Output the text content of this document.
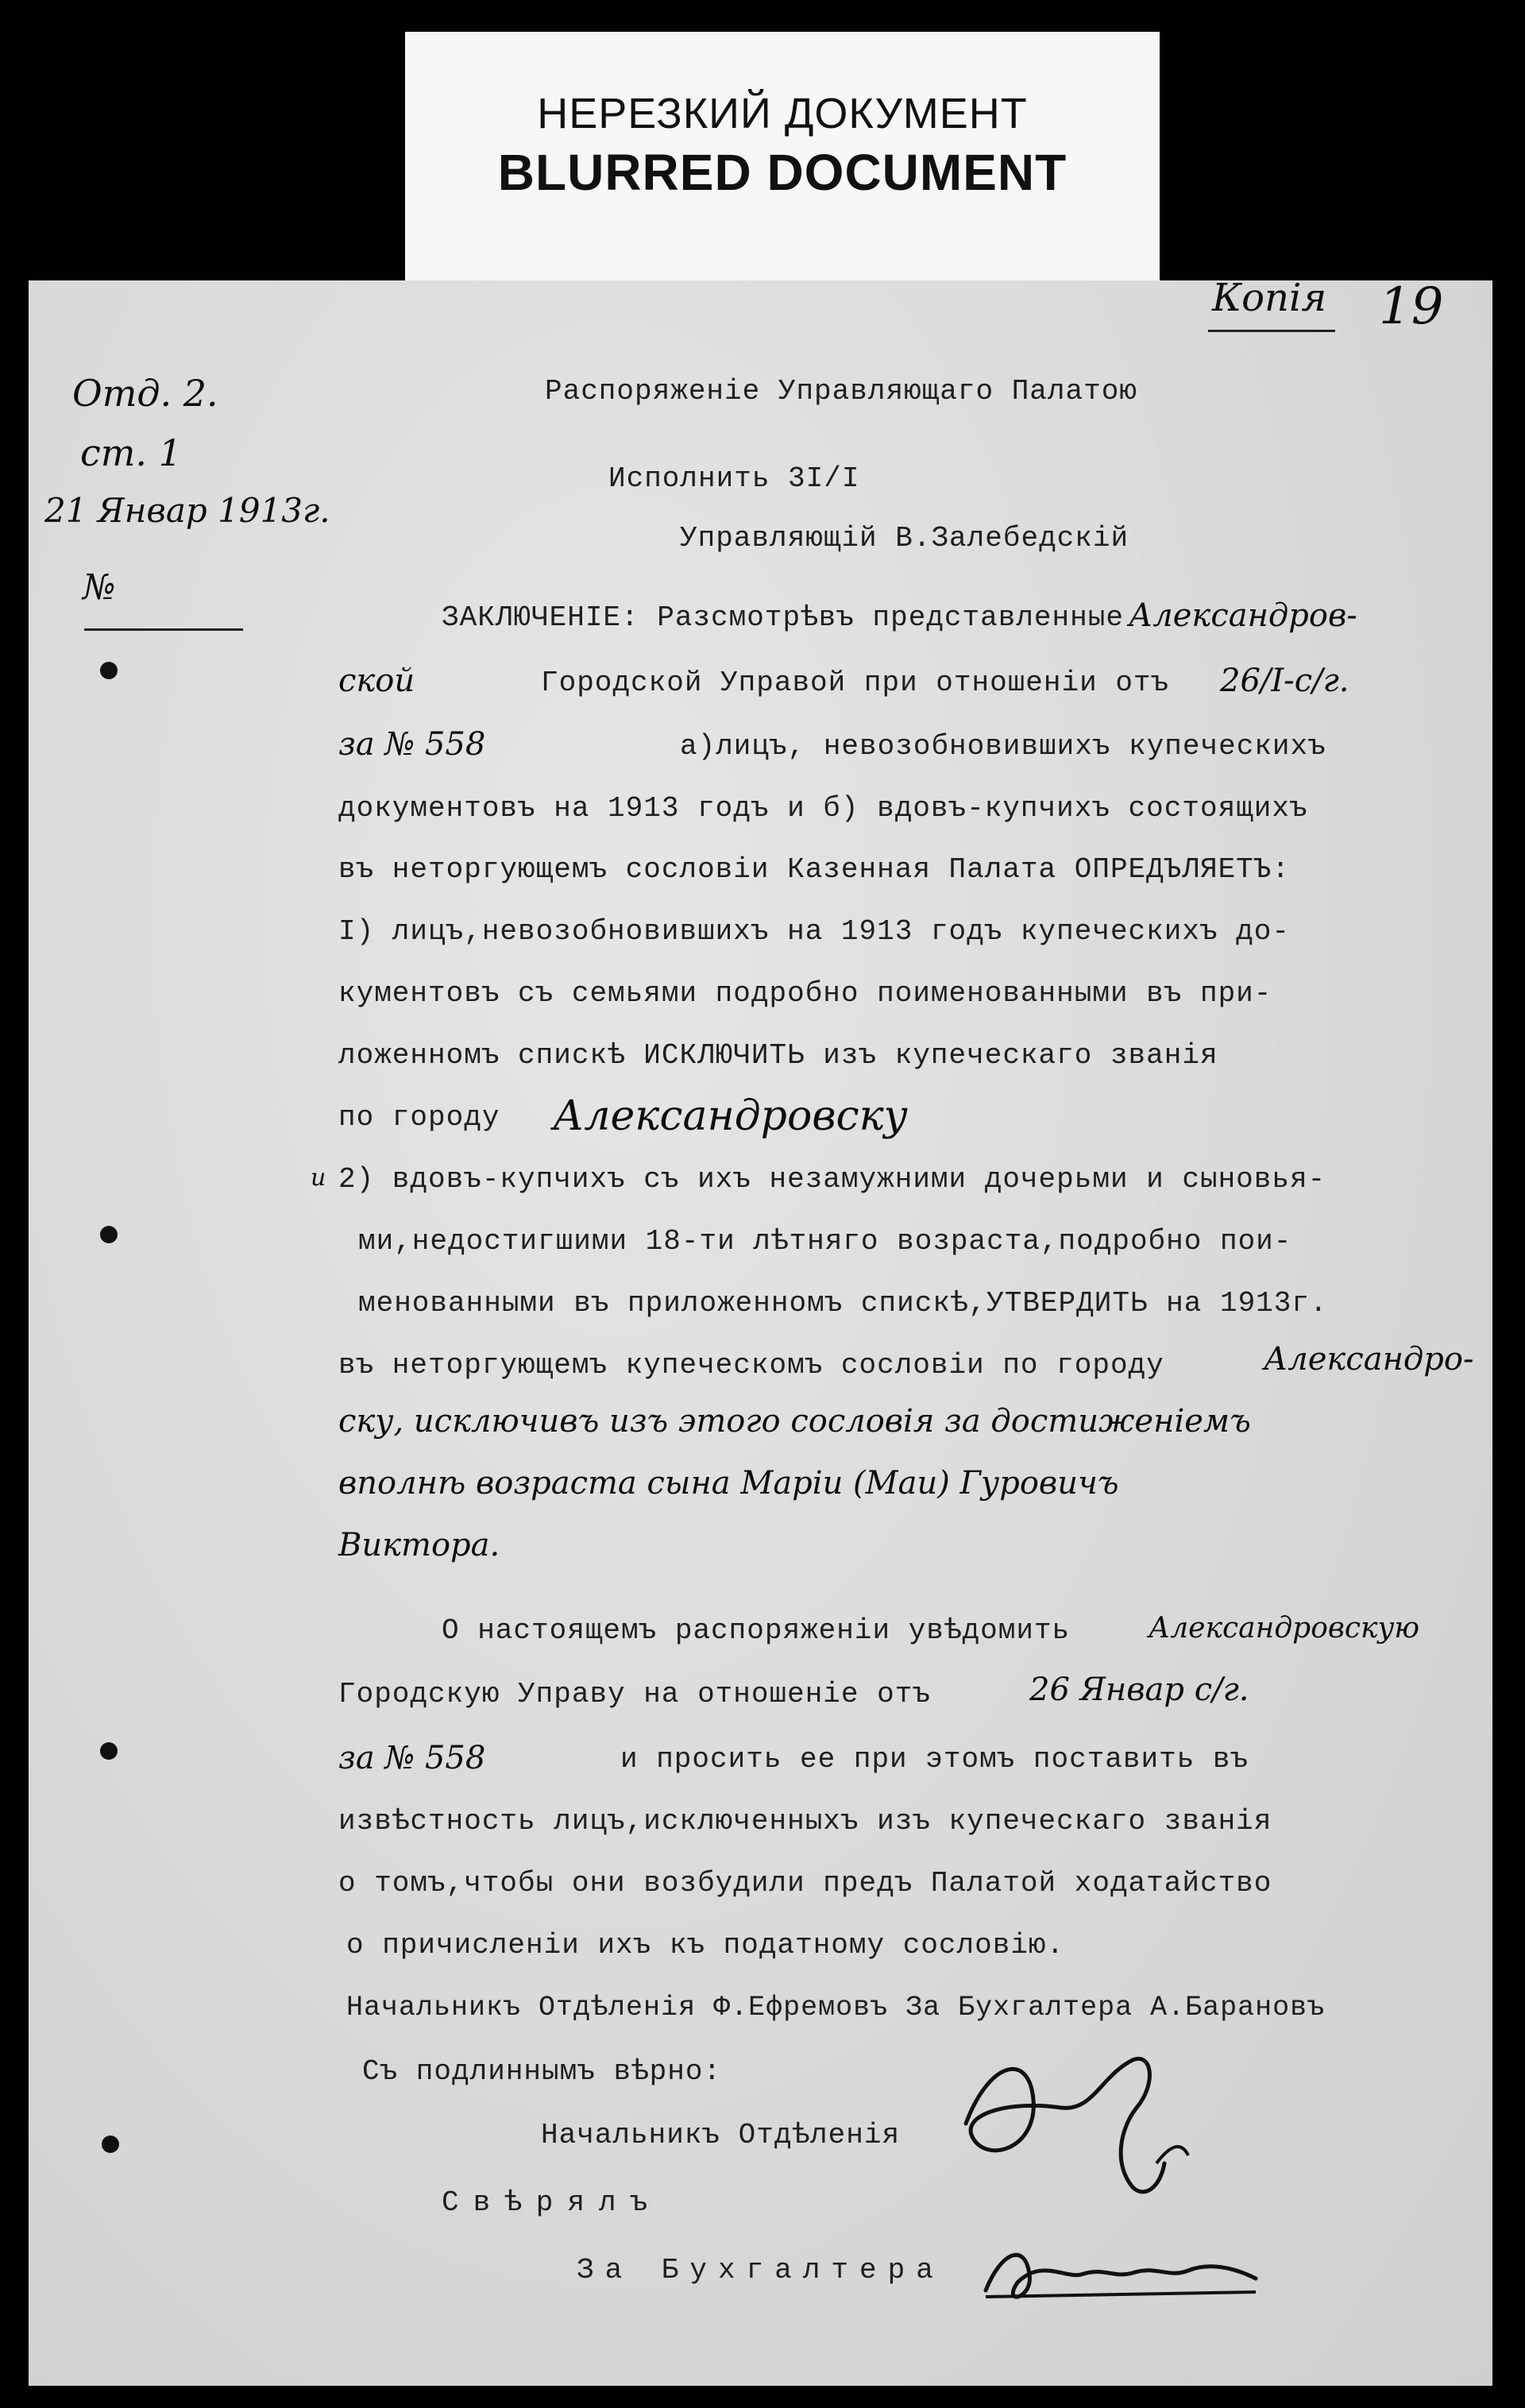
НЕРЕЗКИЙ ДОКУМЕНТ
BLURRED DOCUMENT
Копія 19
Отд. 2.
ст. 1
21 Январ 1913г.
№
Распоряженіе Управляющаго Палатою
Исполнить 3I/I
Управляющій В.Залебедскій
ЗАКЛЮЧЕНІЕ: Разсмотрѣвъ представленные Александров-
ской	Городской Управой при отношеніи отъ 26/I-с/г.
за № 558	а)лицъ, невозобновившихъ купеческихъ
документовъ на 1913 годъ и б) вдовъ-купчихъ состоящихъ
въ неторгующемъ сословіи Казенная Палата ОПРЕДЪЛЯЕТЪ:
I) лицъ,невозобновившихъ на 1913 годъ купеческихъ до-
кументовъ съ семьями подробно поименованными въ при-
ложенномъ спискѣ ИСКЛЮЧИТЬ изъ купеческаго званія
по городу Александровску
и 2) вдовъ-купчихъ съ ихъ незамужними дочерьми и сыновья-
ми,недостигшими 18-ти лѣтняго возраста,подробно пои-
менованными въ приложенномъ спискѣ,УТВЕРДИТЬ на 1913г.
въ неторгующемъ купеческомъ сословіи по городу	Александро-
ску, исключивъ изъ этого сословія за достиженіемъ
вполнѣ возраста сына Марiи (Маи) Гуровичъ
Виктора.
О настоящемъ распоряженіи увѣдомить	Александровскую
Городскую Управу на отношеніе отъ	26 Январ с/г.
за № 558	и просить ее при этомъ поставить въ
извѣстность лицъ,исключенныхъ изъ купеческаго званія
о томъ,чтобы они возбудили предъ Палатой ходатайство
о причисленіи ихъ къ податному сословію.
Начальникъ Отдѣленія Ф.Ефремовъ За Бухгалтера А.Барановъ
Съ подлиннымъ вѣрно:
Начальникъ Отдѣленія
Свѣрялъ
За Бухгалтера
